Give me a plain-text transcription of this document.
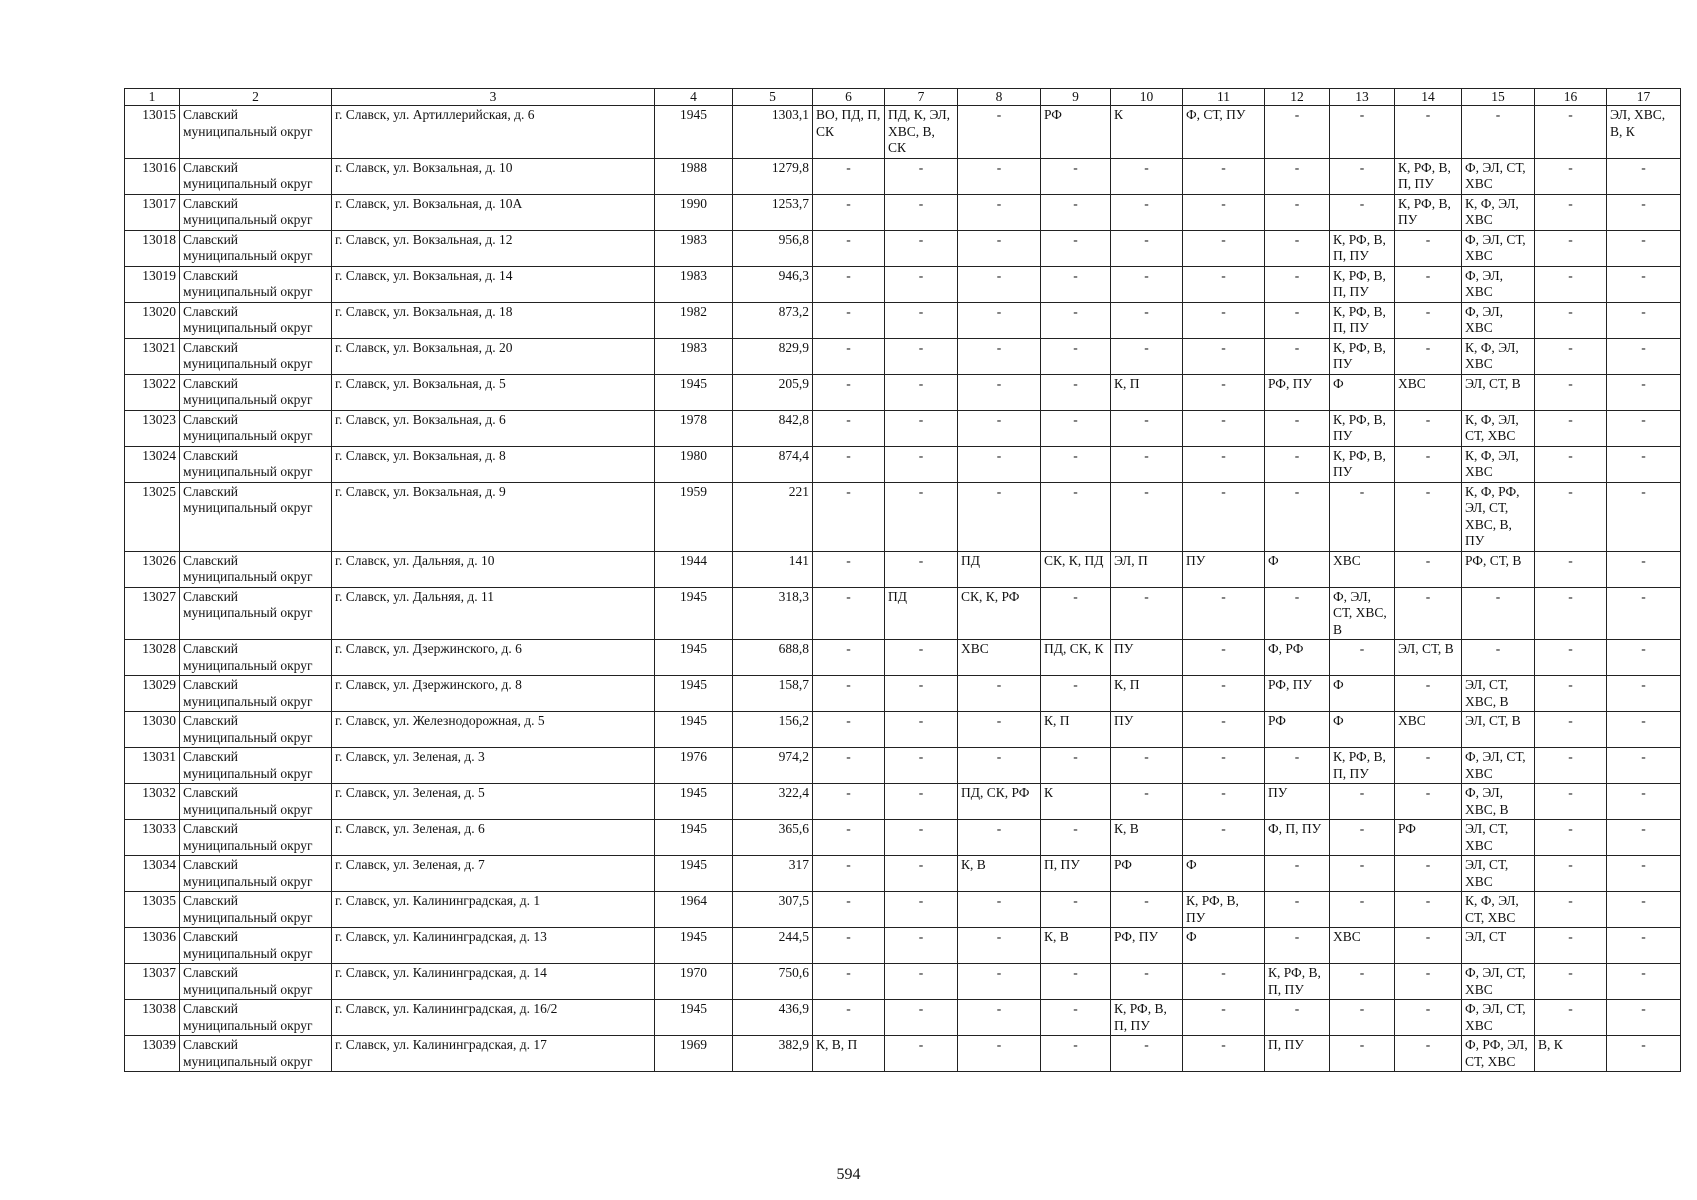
1	2	3	4	5	6	7	8	9	10	11	12	13	14	15	16	17
13015	Славский муниципальный округ	г. Славск, ул. Артиллерийская, д. 6	1945	1303,1	ВО, ПД, П, СК	ПД, К, ЭЛ, ХВС, В, СК	-	РФ	К	Ф, СТ, ПУ	-	-	-	-	-	ЭЛ, ХВС, В, К
13016	Славский муниципальный округ	г. Славск, ул. Вокзальная, д. 10	1988	1279,8	-	-	-	-	-	-	-	-	К, РФ, В, П, ПУ	Ф, ЭЛ, СТ, ХВС	-	-
13017	Славский муниципальный округ	г. Славск, ул. Вокзальная, д. 10А	1990	1253,7	-	-	-	-	-	-	-	-	К, РФ, В, ПУ	К, Ф, ЭЛ, ХВС	-	-
13018	Славский муниципальный округ	г. Славск, ул. Вокзальная, д. 12	1983	956,8	-	-	-	-	-	-	-	К, РФ, В, П, ПУ	-	Ф, ЭЛ, СТ, ХВС	-	-
13019	Славский муниципальный округ	г. Славск, ул. Вокзальная, д. 14	1983	946,3	-	-	-	-	-	-	-	К, РФ, В, П, ПУ	-	Ф, ЭЛ, ХВС	-	-
13020	Славский муниципальный округ	г. Славск, ул. Вокзальная, д. 18	1982	873,2	-	-	-	-	-	-	-	К, РФ, В, П, ПУ	-	Ф, ЭЛ, ХВС	-	-
13021	Славский муниципальный округ	г. Славск, ул. Вокзальная, д. 20	1983	829,9	-	-	-	-	-	-	-	К, РФ, В, ПУ	-	К, Ф, ЭЛ, ХВС	-	-
13022	Славский муниципальный округ	г. Славск, ул. Вокзальная, д. 5	1945	205,9	-	-	-	-	К, П	-	РФ, ПУ	Ф	ХВС	ЭЛ, СТ, В	-	-
13023	Славский муниципальный округ	г. Славск, ул. Вокзальная, д. 6	1978	842,8	-	-	-	-	-	-	-	К, РФ, В, ПУ	-	К, Ф, ЭЛ, СТ, ХВС	-	-
13024	Славский муниципальный округ	г. Славск, ул. Вокзальная, д. 8	1980	874,4	-	-	-	-	-	-	-	К, РФ, В, ПУ	-	К, Ф, ЭЛ, ХВС	-	-
13025	Славский муниципальный округ	г. Славск, ул. Вокзальная, д. 9	1959	221	-	-	-	-	-	-	-	-	-	К, Ф, РФ, ЭЛ, СТ, ХВС, В, ПУ	-	-
13026	Славский муниципальный округ	г. Славск, ул. Дальняя, д. 10	1944	141	-	-	ПД	СК, К, ПД	ЭЛ, П	ПУ	Ф	ХВС	-	РФ, СТ, В	-	-
13027	Славский муниципальный округ	г. Славск, ул. Дальняя, д. 11	1945	318,3	-	ПД	СК, К, РФ	-	-	-	-	Ф, ЭЛ, СТ, ХВС, В	-	-	-	-
13028	Славский муниципальный округ	г. Славск, ул. Дзержинского, д. 6	1945	688,8	-	-	ХВС	ПД, СК, К	ПУ	-	Ф, РФ	-	ЭЛ, СТ, В	-	-	-
13029	Славский муниципальный округ	г. Славск, ул. Дзержинского, д. 8	1945	158,7	-	-	-	-	К, П	-	РФ, ПУ	Ф	-	ЭЛ, СТ, ХВС, В	-	-
13030	Славский муниципальный округ	г. Славск, ул. Железнодорожная, д. 5	1945	156,2	-	-	-	К, П	ПУ	-	РФ	Ф	ХВС	ЭЛ, СТ, В	-	-
13031	Славский муниципальный округ	г. Славск, ул. Зеленая, д. 3	1976	974,2	-	-	-	-	-	-	-	К, РФ, В, П, ПУ	-	Ф, ЭЛ, СТ, ХВС	-	-
13032	Славский муниципальный округ	г. Славск, ул. Зеленая, д. 5	1945	322,4	-	-	ПД, СК, РФ	К	-	-	ПУ	-	-	Ф, ЭЛ, ХВС, В	-	-
13033	Славский муниципальный округ	г. Славск, ул. Зеленая, д. 6	1945	365,6	-	-	-	-	К, В	-	Ф, П, ПУ	-	РФ	ЭЛ, СТ, ХВС	-	-
13034	Славский муниципальный округ	г. Славск, ул. Зеленая, д. 7	1945	317	-	-	К, В	П, ПУ	РФ	Ф	-	-	-	ЭЛ, СТ, ХВС	-	-
13035	Славский муниципальный округ	г. Славск, ул. Калининградская, д. 1	1964	307,5	-	-	-	-	-	К, РФ, В, ПУ	-	-	-	К, Ф, ЭЛ, СТ, ХВС	-	-
13036	Славский муниципальный округ	г. Славск, ул. Калининградская, д. 13	1945	244,5	-	-	-	К, В	РФ, ПУ	Ф	-	ХВС	-	ЭЛ, СТ	-	-
13037	Славский муниципальный округ	г. Славск, ул. Калининградская, д. 14	1970	750,6	-	-	-	-	-	-	К, РФ, В, П, ПУ	-	-	Ф, ЭЛ, СТ, ХВС	-	-
13038	Славский муниципальный округ	г. Славск, ул. Калининградская, д. 16/2	1945	436,9	-	-	-	-	К, РФ, В, П, ПУ	-	-	-	-	Ф, ЭЛ, СТ, ХВС	-	-
13039	Славский муниципальный округ	г. Славск, ул. Калининградская, д. 17	1969	382,9	К, В, П	-	-	-	-	-	П, ПУ	-	-	Ф, РФ, ЭЛ, СТ, ХВС	В, К	-
594
